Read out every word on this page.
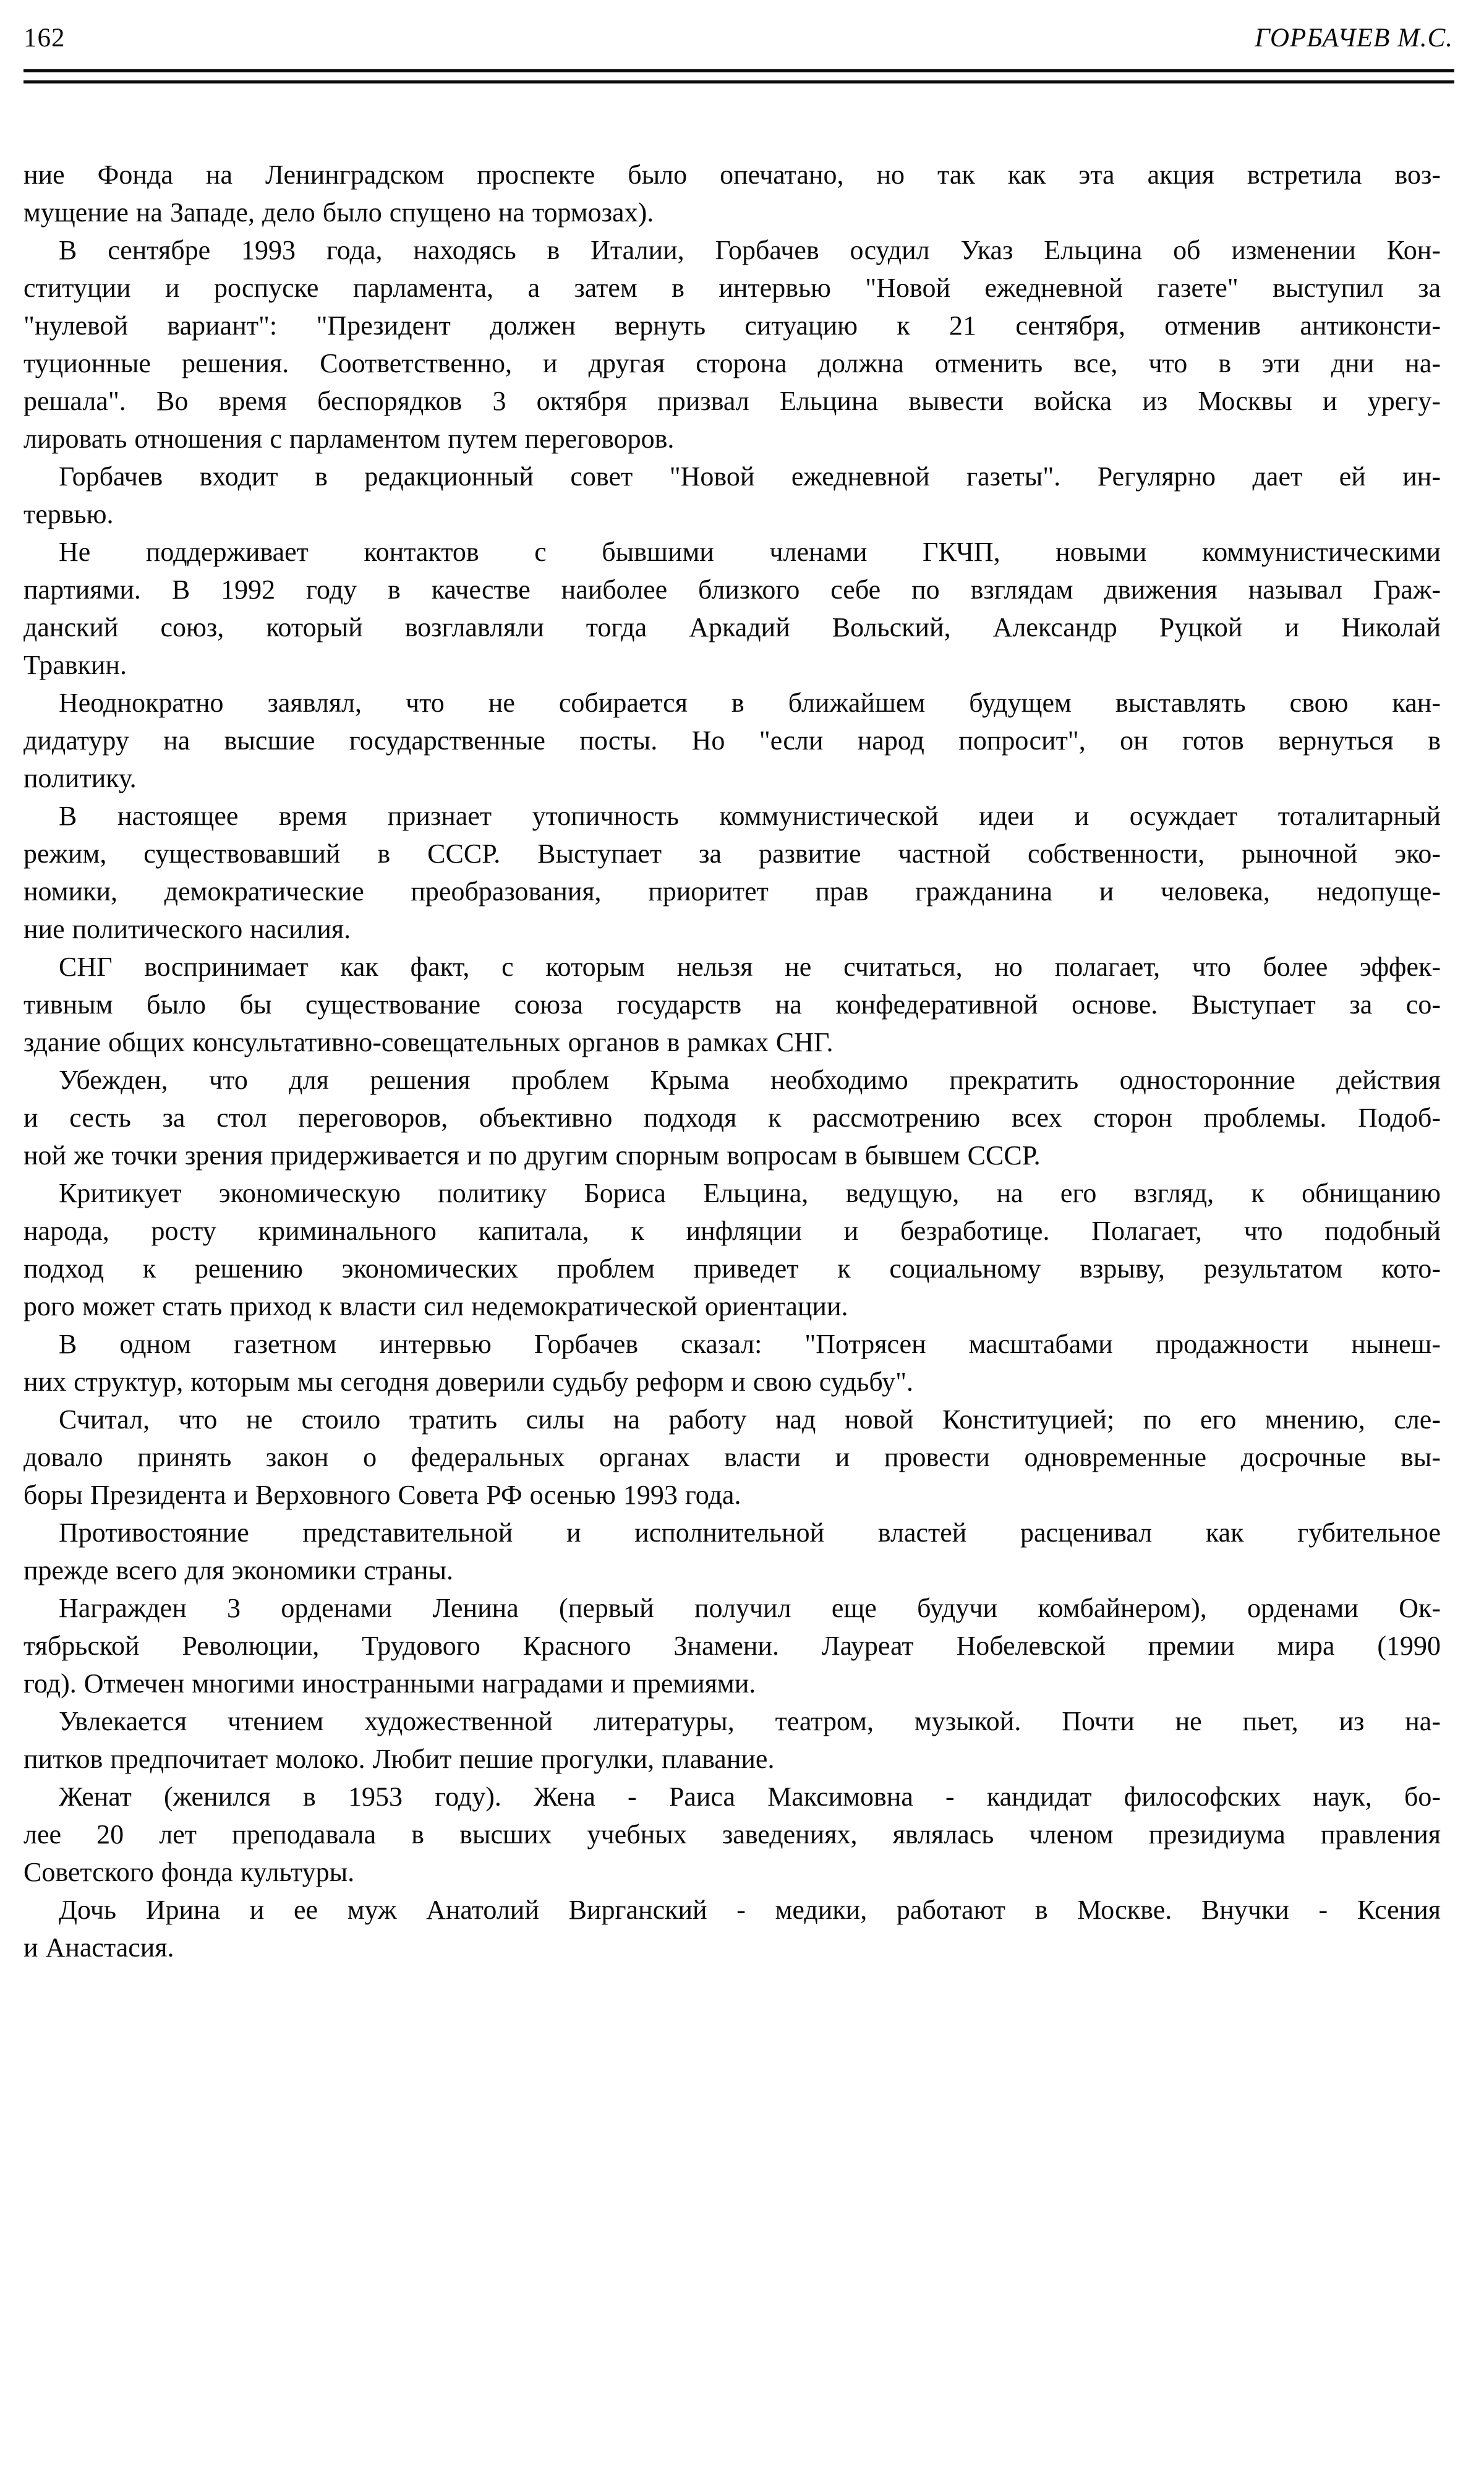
162	ГОРБАЧЕВ М.С.
ние Фонда на Ленинградском проспекте было опечатано, но так как эта акция встретила воз-
мущение на Западе, дело было спущено на тормозах).
В сентябре 1993 года, находясь в Италии, Горбачев осудил Указ Ельцина об изменении Кон-
ституции и роспуске парламента, а затем в интервью "Новой ежедневной газете" выступил за
"нулевой вариант": "Президент должен вернуть ситуацию к 21 сентября, отменив антиконсти-
туционные решения. Соответственно, и другая сторона должна отменить все, что в эти дни на-
решала". Во время беспорядков 3 октября призвал Ельцина вывести войска из Москвы и урегу-
лировать отношения с парламентом путем переговоров.
Горбачев входит в редакционный совет "Новой ежедневной газеты". Регулярно дает ей ин-
тервью.
Не поддерживает контактов с бывшими членами ГКЧП, новыми коммунистическими
партиями. В 1992 году в качестве наиболее близкого себе по взглядам движения называл Граж-
данский союз, который возглавляли тогда Аркадий Вольский, Александр Руцкой и Николай
Травкин.
Неоднократно заявлял, что не собирается в ближайшем будущем выставлять свою кан-
дидатуру на высшие государственные посты. Но "если народ попросит", он готов вернуться в
политику.
В настоящее время признает утопичность коммунистической идеи и осуждает тоталитарный
режим, существовавший в СССР. Выступает за развитие частной собственности, рыночной эко-
номики, демократические преобразования, приоритет прав гражданина и человека, недопуще-
ние политического насилия.
СНГ воспринимает как факт, с которым нельзя не считаться, но полагает, что более эффек-
тивным было бы существование союза государств на конфедеративной основе. Выступает за со-
здание общих консультативно-совещательных органов в рамках СНГ.
Убежден, что для решения проблем Крыма необходимо прекратить односторонние действия
и сесть за стол переговоров, объективно подходя к рассмотрению всех сторон проблемы. Подоб-
ной же точки зрения придерживается и по другим спорным вопросам в бывшем СССР.
Критикует экономическую политику Бориса Ельцина, ведущую, на его взгляд, к обнищанию
народа, росту криминального капитала, к инфляции и безработице. Полагает, что подобный
подход к решению экономических проблем приведет к социальному взрыву, результатом кото-
рого может стать приход к власти сил недемократической ориентации.
В одном газетном интервью Горбачев сказал: "Потрясен масштабами продажности нынеш-
них структур, которым мы сегодня доверили судьбу реформ и свою судьбу".
Считал, что не стоило тратить силы на работу над новой Конституцией; по его мнению, сле-
довало принять закон о федеральных органах власти и провести одновременные досрочные вы-
боры Президента и Верховного Совета РФ осенью 1993 года.
Противостояние представительной и исполнительной властей расценивал как губительное
прежде всего для экономики страны.
Награжден 3 орденами Ленина (первый получил еще будучи комбайнером), орденами Ок-
тябрьской Революции, Трудового Красного Знамени. Лауреат Нобелевской премии мира (1990
год). Отмечен многими иностранными наградами и премиями.
Увлекается чтением художественной литературы, театром, музыкой. Почти не пьет, из на-
питков предпочитает молоко. Любит пешие прогулки, плавание.
Женат (женился в 1953 году). Жена - Раиса Максимовна - кандидат философских наук, бо-
лее 20 лет преподавала в высших учебных заведениях, являлась членом президиума правления
Советского фонда культуры.
Дочь Ирина и ее муж Анатолий Вирганский - медики, работают в Москве. Внучки - Ксения
и Анастасия.
